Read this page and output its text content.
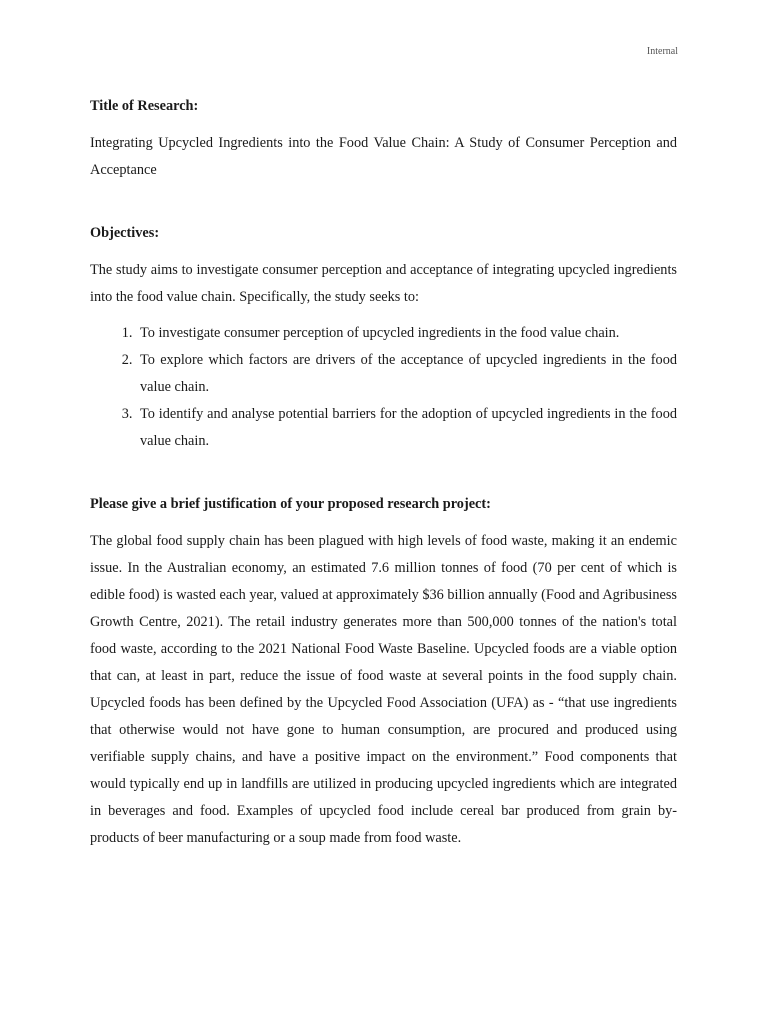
Internal

Title of Research:

Integrating Upcycled Ingredients into the Food Value Chain: A Study of Consumer Perception and Acceptance

Objectives:

The study aims to investigate consumer perception and acceptance of integrating upcycled ingredients into the food value chain. Specifically, the study seeks to:

1. To investigate consumer perception of upcycled ingredients in the food value chain.
2. To explore which factors are drivers of the acceptance of upcycled ingredients in the food value chain.
3. To identify and analyse potential barriers for the adoption of upcycled ingredients in the food value chain.

Please give a brief justification of your proposed research project:

The global food supply chain has been plagued with high levels of food waste, making it an endemic issue. In the Australian economy, an estimated 7.6 million tonnes of food (70 per cent of which is edible food) is wasted each year, valued at approximately $36 billion annually (Food and Agribusiness Growth Centre, 2021). The retail industry generates more than 500,000 tonnes of the nation's total food waste, according to the 2021 National Food Waste Baseline. Upcycled foods are a viable option that can, at least in part, reduce the issue of food waste at several points in the food supply chain. Upcycled foods has been defined by the Upcycled Food Association (UFA) as - “that use ingredients that otherwise would not have gone to human consumption, are procured and produced using verifiable supply chains, and have a positive impact on the environment.” Food components that would typically end up in landfills are utilized in producing upcycled ingredients which are integrated in beverages and food. Examples of upcycled food include cereal bar produced from grain by-products of beer manufacturing or a soup made from food waste.
